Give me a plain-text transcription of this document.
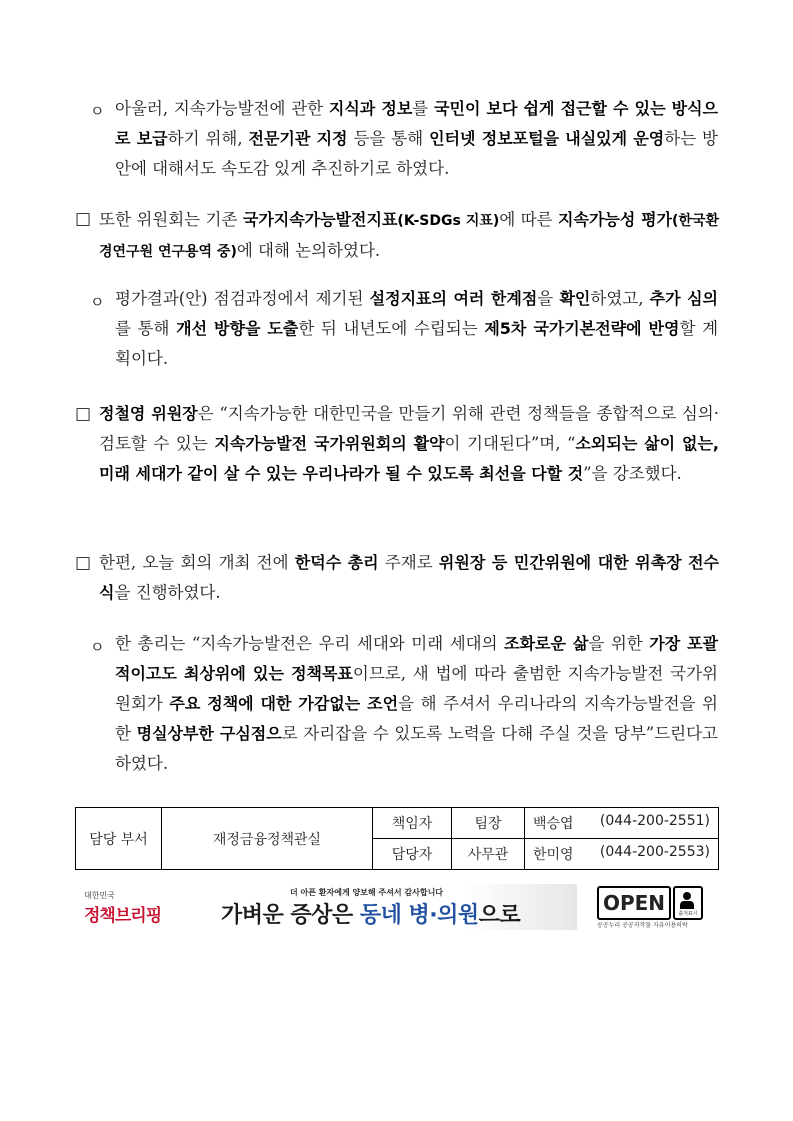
ㅇ 아울러, 지속가능발전에 관한 지식과 정보를 국민이 보다 쉽게 접근할 수 있는 방식으로 보급하기 위해, 전문기관 지정 등을 통해 인터넷 정보포털을 내실있게 운영하는 방안에 대해서도 속도감 있게 추진하기로 하였다.
□ 또한 위원회는 기존 국가지속가능발전지표(K-SDGs 지표)에 따른 지속가능성 평가(한국환경연구원 연구용역 중)에 대해 논의하였다.
ㅇ 평가결과(안) 점검과정에서 제기된 설정지표의 여러 한계점을 확인하였고, 추가 심의를 통해 개선 방향을 도출한 뒤 내년도에 수립되는 제5차 국가기본전략에 반영할 계획이다.
□ 정철영 위원장은 “지속가능한 대한민국을 만들기 위해 관련 정책들을 종합적으로 심의·검토할 수 있는 지속가능발전 국가위원회의 활약이 기대된다”며, “소외되는 삶이 없는, 미래 세대가 같이 살 수 있는 우리나라가 될 수 있도록 최선을 다할 것”을 강조했다.
□ 한편, 오늘 회의 개최 전에 한덕수 총리 주재로 위원장 등 민간위원에 대한 위촉장 전수식을 진행하였다.
ㅇ 한 총리는 “지속가능발전은 우리 세대와 미래 세대의 조화로운 삶을 위한 가장 포괄적이고도 최상위에 있는 정책목표이므로, 새 법에 따라 출범한 지속가능발전 국가위원회가 주요 정책에 대한 가감없는 조언을 해 주셔서 우리나라의 지속가능발전을 위한 명실상부한 구심점으로 자리잡을 수 있도록 노력을 다해 주실 것을 당부”드린다고 하였다.
담당 부서	재정금융정책관실	책임자	팀장	백승엽 (044-200-2551)

		담당자	사무관	한미영 (044-200-2553)
대한민국
정책브리핑
더 아픈 환자에게 양보해 주셔서 감사합니다
가벼운 증상은 동네 병·의원으로	OPEN	출처표시
공공누리 공공저작물 자유이용허락
